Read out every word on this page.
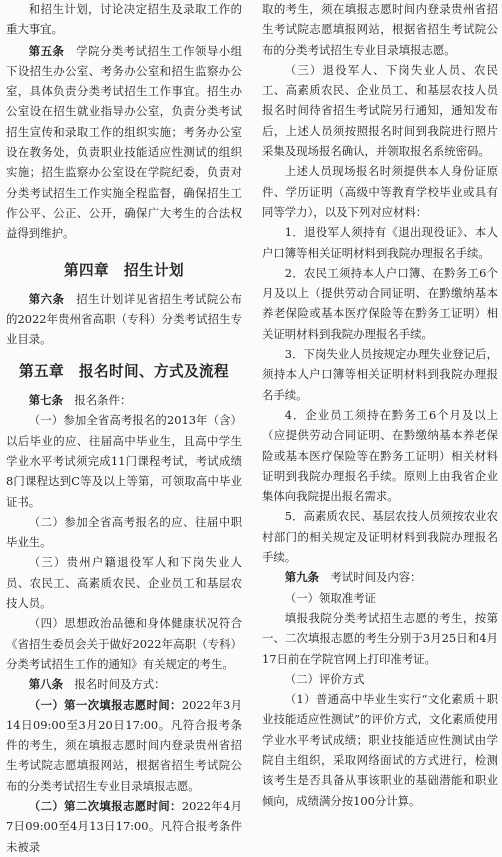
和招生计划，讨论决定招生及录取工作的重大事宜。

第五条　 学院分类考试招生工作领导小组下设招生办公室、考务办公室和招生监察办公室，具体负责分类考试招生工作事宜。招生办公室设在招生就业指导办公室，负责分类考试招生宣传和录取工作的组织实施；考务办公室设在教务处，负责职业技能适应性测试的组织实施；招生监察办公室设在学院纪委，负责对分类考试招生工作实施全程监督，确保招生工作公平、公正、公开，确保广大考生的合法权益得到维护。

第四章　招生计划

第六条　 招生计划详见省招生考试院公布的2022年贵州省高职（专科）分类考试招生专业目录。

第五章　报名时间、方式及流程

第七条　 报名条件：

（一）参加全省高考报名的2013年（含）以后毕业的应、往届高中毕业生，且高中学生学业水平考试须完成11门课程考试，考试成绩8门课程达到C等及以上等第，可领取高中毕业证书。

（二）参加全省高考报名的应、往届中职毕业生。

（三）贵州户籍退役军人和下岗失业人员、农民工、高素质农民、企业员工和基层农技人员。

（四）思想政治品德和身体健康状况符合《省招生委员会关于做好2022年高职（专科）分类考试招生工作的通知》有关规定的考生。

第八条　 报名时间及方式：

（一）第一次填报志愿时间：2022年3月14日09:00至3月20日17:00。凡符合报考条件的考生，须在填报志愿时间内登录贵州省招生考试院志愿填报网站，根据省招生考试院公布的分类考试招生专业目录填报志愿。

（二）第二次填报志愿时间：2022年4月7日09:00至4月13日17:00。凡符合报考条件未被录

取的考生，须在填报志愿时间内登录贵州省招生考试院志愿填报网站，根据省招生考试院公布的分类考试招生专业目录填报志愿。

（三）退役军人、下岗失业人员、农民工、高素质农民、企业员工、和基层农技人员报名时间待省招生考试院另行通知，通知发布后，上述人员须按照报名时间到我院进行照片采集及现场报名确认，并领取报名系统密码。

上述人员现场报名时须提供本人身份证原件、学历证明（高级中等教育学校毕业或具有同等学力），以及下列对应材料：

1．退役军人须持有《退出现役证》、本人户口簿等相关证明材料到我院办理报名手续。

2．农民工须持本人户口簿、在黔务工6个月及以上（提供劳动合同证明、在黔缴纳基本养老保险或基本医疗保险等在黔务工证明）相关证明材料到我院办理报名手续。

3．下岗失业人员按规定办理失业登记后，须持本人户口簿等相关证明材料到我院办理报名手续。

4．企业员工须持在黔务工6个月及以上（应提供劳动合同证明、在黔缴纳基本养老保险或基本医疗保险等在黔务工证明）相关材料证明到我院办理报名手续。原则上由我省企业集体向我院提出报名需求。

5．高素质农民、基层农技人员须按农业农村部门的相关规定及证明材料到我院办理报名手续。

第九条　 考试时间及内容：

（一）领取准考证

填报我院分类考试招生志愿的考生，按第一、二次填报志愿的考生分别于3月25日和4月17日前在学院官网上打印准考证。

（二）评价方式

（1）普通高中毕业生实行“文化素质＋职业技能适应性测试”的评价方式，文化素质使用学业水平考试成绩；职业技能适应性测试由学院自主组织，采取网络面试的方式进行，检测该考生是否具备从事该职业的基础潜能和职业倾向，成绩满分按100分计算。
